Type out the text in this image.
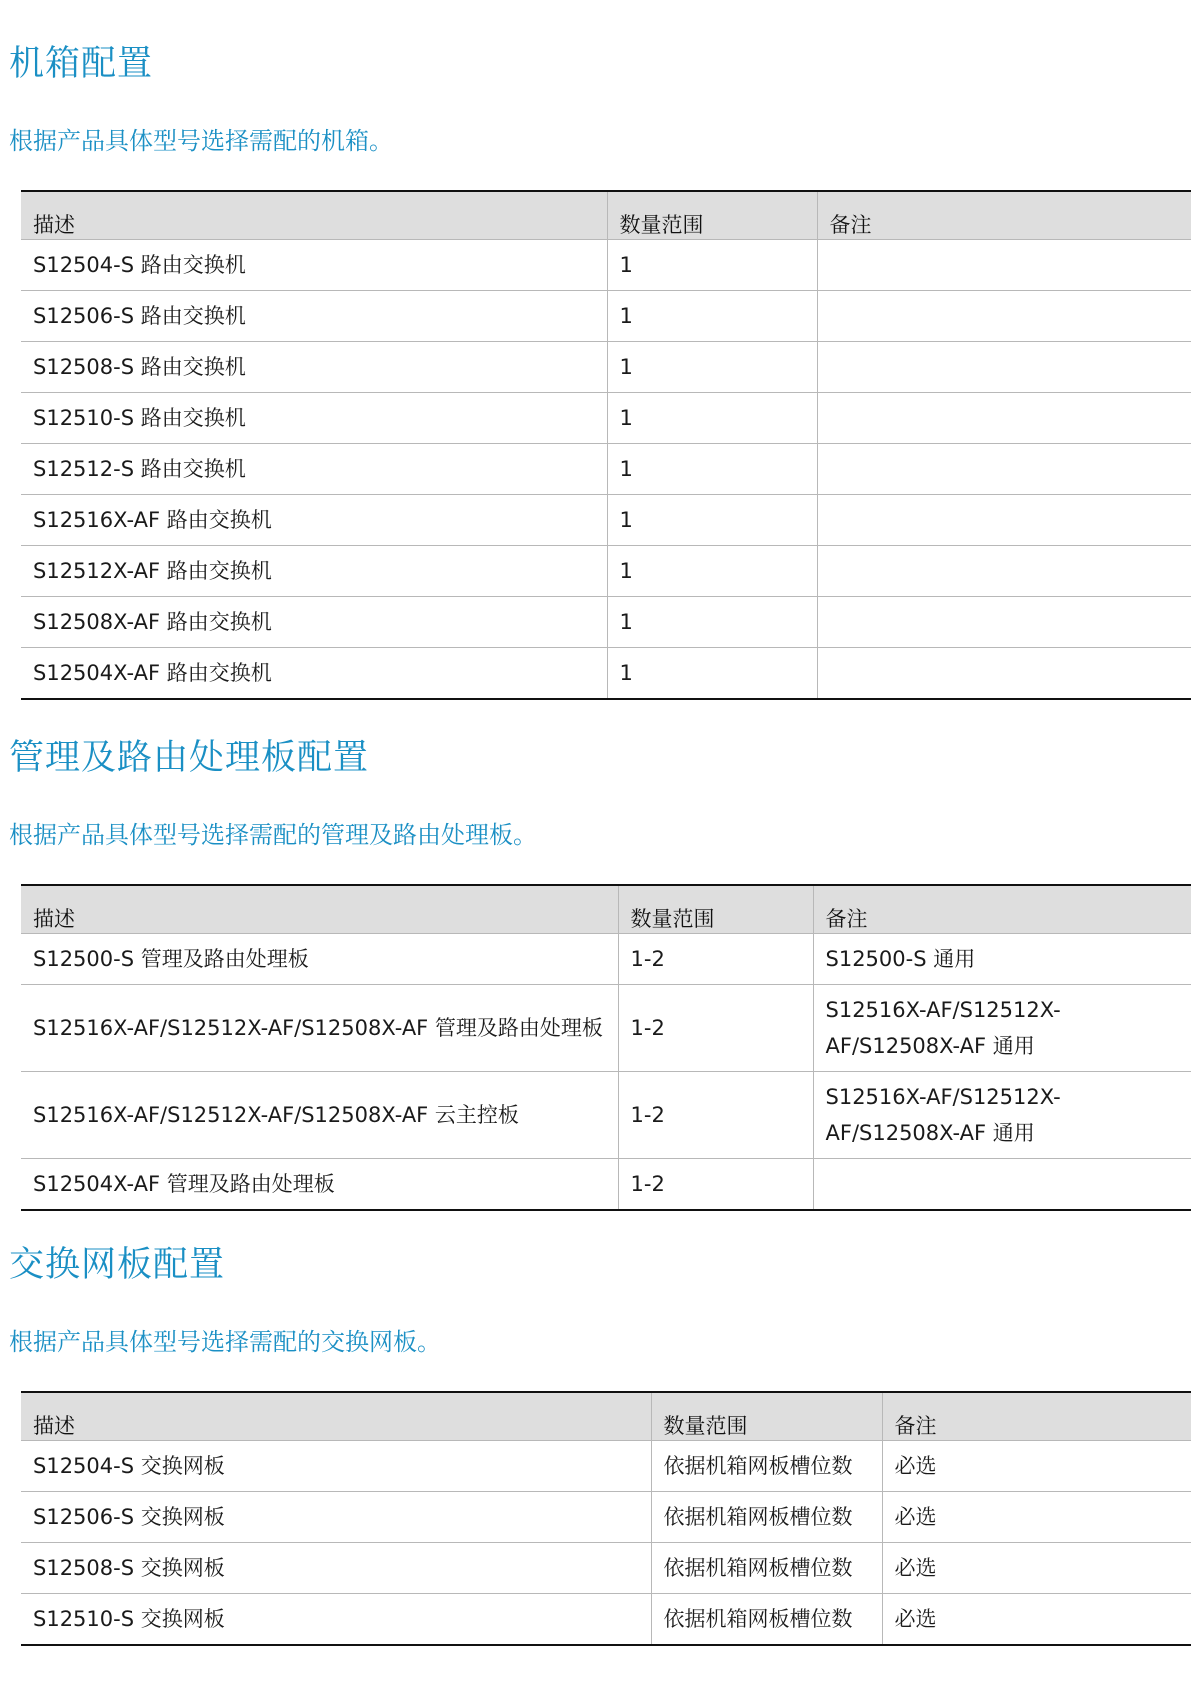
机箱配置
根据产品具体型号选择需配的机箱。
描述	数量范围	备注
S12504-S 路由交换机	1	
S12506-S 路由交换机	1	
S12508-S 路由交换机	1	
S12510-S 路由交换机	1	
S12512-S 路由交换机	1	
S12516X-AF 路由交换机	1	
S12512X-AF 路由交换机	1	
S12508X-AF 路由交换机	1	
S12504X-AF 路由交换机	1	
管理及路由处理板配置
根据产品具体型号选择需配的管理及路由处理板。
描述	数量范围	备注
S12500-S 管理及路由处理板	1-2	S12500-S 通用
S12516X-AF/S12512X-AF/S12508X-AF 管理及路由处理板	1-2	S12516X-AF/S12512X-AF/S12508X-AF 通用
S12516X-AF/S12512X-AF/S12508X-AF 云主控板	1-2	S12516X-AF/S12512X-AF/S12508X-AF 通用
S12504X-AF 管理及路由处理板	1-2	
交换网板配置
根据产品具体型号选择需配的交换网板。
描述	数量范围	备注
S12504-S 交换网板	依据机箱网板槽位数	必选
S12506-S 交换网板	依据机箱网板槽位数	必选
S12508-S 交换网板	依据机箱网板槽位数	必选
S12510-S 交换网板	依据机箱网板槽位数	必选
